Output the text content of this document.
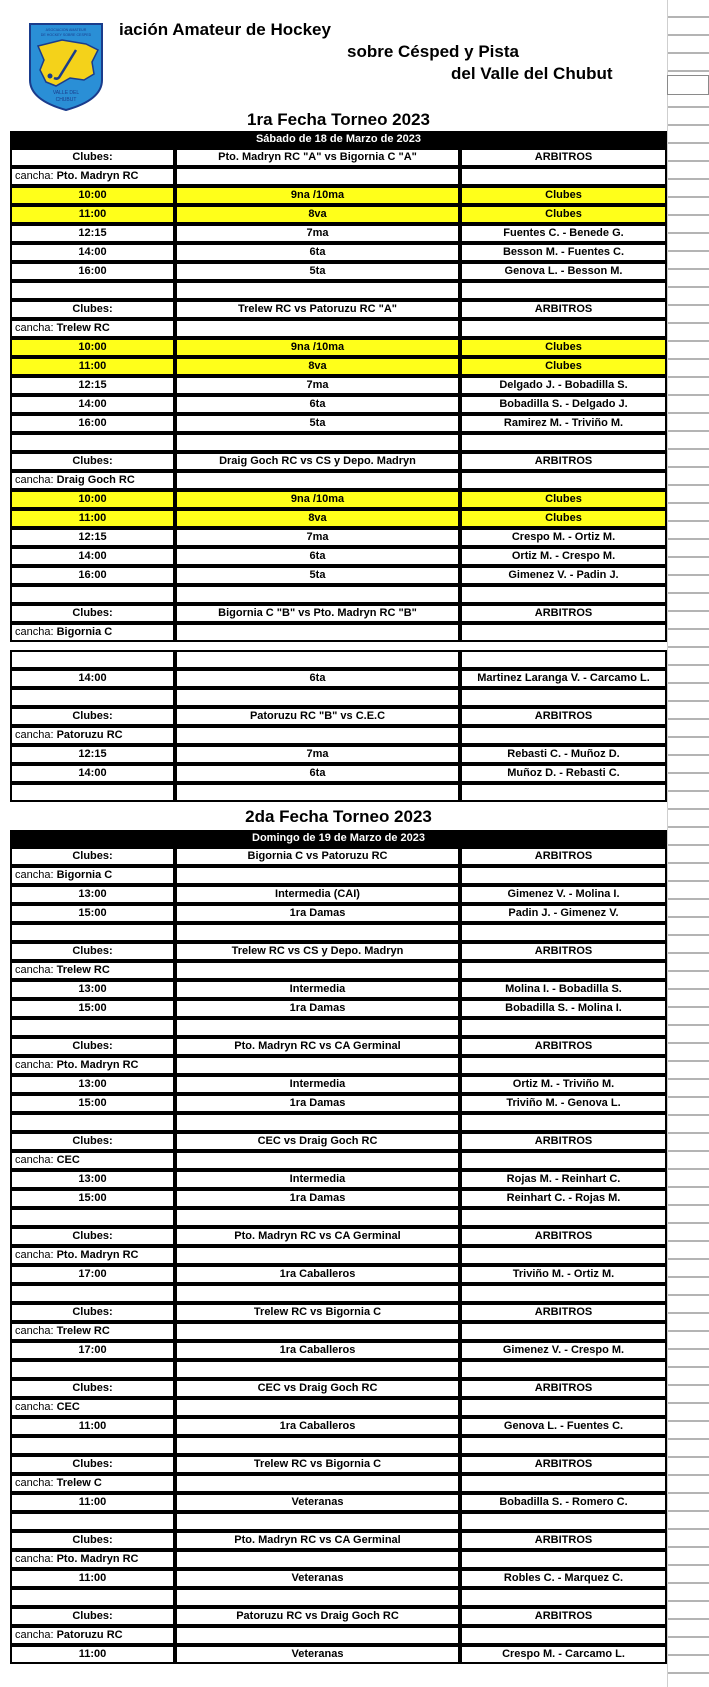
ASOCIACION AMATEUR
DE HOCKEY SOBRE CESPED
VALLE DEL
CHUBUT
iación Amateur de Hockey
sobre Césped y Pista
del Valle del Chubut
1ra Fecha Torneo 2023
Sábado de 18 de Marzo de 2023
Clubes:	Pto. Madryn RC "A" vs Bigornia C "A"	ARBITROS
cancha: Pto. Madryn RC
10:00	9na /10ma	Clubes
11:00	8va	Clubes
12:15	7ma	Fuentes C. - Benede G.
14:00	6ta	Besson M. - Fuentes C.
16:00	5ta	Genova L. - Besson M.
Clubes:	Trelew RC vs Patoruzu RC "A"	ARBITROS
cancha: Trelew RC
10:00	9na /10ma	Clubes
11:00	8va	Clubes
12:15	7ma	Delgado J. - Bobadilla S.
14:00	6ta	Bobadilla S. - Delgado J.
16:00	5ta	Ramirez M. - Triviño M.
Clubes:	Draig Goch RC vs CS y Depo. Madryn	ARBITROS
cancha: Draig Goch RC
10:00	9na /10ma	Clubes
11:00	8va	Clubes
12:15	7ma	Crespo M. - Ortiz M.
14:00	6ta	Ortiz M. - Crespo M.
16:00	5ta	Gimenez V. - Padin J.
Clubes:	Bigornia C "B" vs Pto. Madryn RC "B"	ARBITROS
cancha: Bigornia C
14:00	6ta	Martinez Laranga V. - Carcamo L.
Clubes:	Patoruzu RC "B" vs C.E.C	ARBITROS
cancha: Patoruzu RC
12:15	7ma	Rebasti C. - Muñoz D.
14:00	6ta	Muñoz D. - Rebasti C.
2da Fecha Torneo 2023
Domingo de 19 de Marzo de 2023
Clubes:	Bigornia C vs Patoruzu RC	ARBITROS
cancha: Bigornia C
13:00	Intermedia (CAI)	Gimenez V. - Molina I.
15:00	1ra Damas	Padin J. - Gimenez V.
Clubes:	Trelew RC vs CS y Depo. Madryn	ARBITROS
cancha: Trelew RC
13:00	Intermedia	Molina I. - Bobadilla S.
15:00	1ra Damas	Bobadilla S. - Molina I.
Clubes:	Pto. Madryn RC vs CA Germinal	ARBITROS
cancha: Pto. Madryn RC
13:00	Intermedia	Ortiz M. - Triviño M.
15:00	1ra Damas	Triviño M. - Genova L.
Clubes:	CEC vs Draig Goch RC	ARBITROS
cancha: CEC
13:00	Intermedia	Rojas M. - Reinhart C.
15:00	1ra Damas	Reinhart C. - Rojas M.
Clubes:	Pto. Madryn RC vs CA Germinal	ARBITROS
cancha: Pto. Madryn RC
17:00	1ra Caballeros	Triviño M. - Ortiz M.
Clubes:	Trelew RC vs Bigornia C	ARBITROS
cancha: Trelew RC
17:00	1ra Caballeros	Gimenez V. - Crespo M.
Clubes:	CEC vs Draig Goch RC	ARBITROS
cancha: CEC
11:00	1ra Caballeros	Genova L. - Fuentes C.
Clubes:	Trelew RC vs Bigornia C	ARBITROS
cancha: Trelew C
11:00	Veteranas	Bobadilla S. - Romero C.
Clubes:	Pto. Madryn RC vs CA Germinal	ARBITROS
cancha: Pto. Madryn RC
11:00	Veteranas	Robles C. - Marquez C.
Clubes:	Patoruzu RC vs Draig Goch RC	ARBITROS
cancha: Patoruzu RC
11:00	Veteranas	Crespo M. - Carcamo L.
